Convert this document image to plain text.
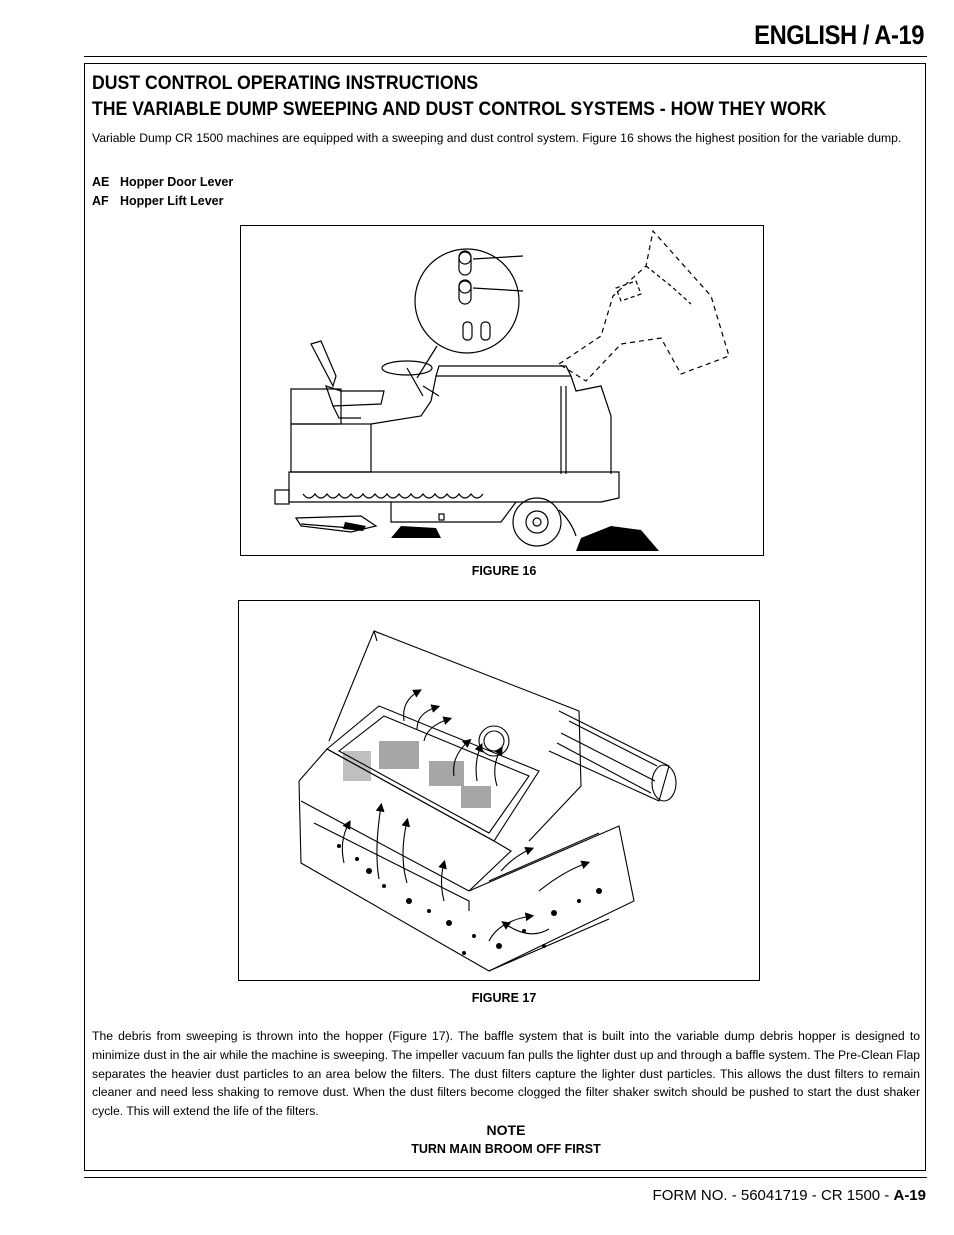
ENGLISH / A-19
DUST CONTROL OPERATING INSTRUCTIONS
THE VARIABLE DUMP SWEEPING AND DUST CONTROL SYSTEMS - HOW THEY WORK
Variable Dump CR 1500 machines are equipped with a sweeping and dust control system. Figure 16 shows the highest position for the variable dump.
AE Hopper Door Lever
AF Hopper Lift Lever
FIGURE 16
FIGURE 17
The debris from sweeping is thrown into the hopper (Figure 17). The baffle system that is built into the variable dump debris hopper is designed to minimize dust in the air while the machine is sweeping. The impeller vacuum fan pulls the lighter dust up and through a baffle system. The Pre-Clean Flap separates the heavier dust particles to an area below the filters. The dust filters capture the lighter dust particles. This allows the dust filters to remain cleaner and need less shaking to remove dust. When the dust filters become clogged the filter shaker switch should be pushed to start the dust shaker cycle. This will extend the life of the filters.
NOTE
TURN MAIN BROOM OFF FIRST
FORM NO. - 56041719 - CR 1500 - A-19
